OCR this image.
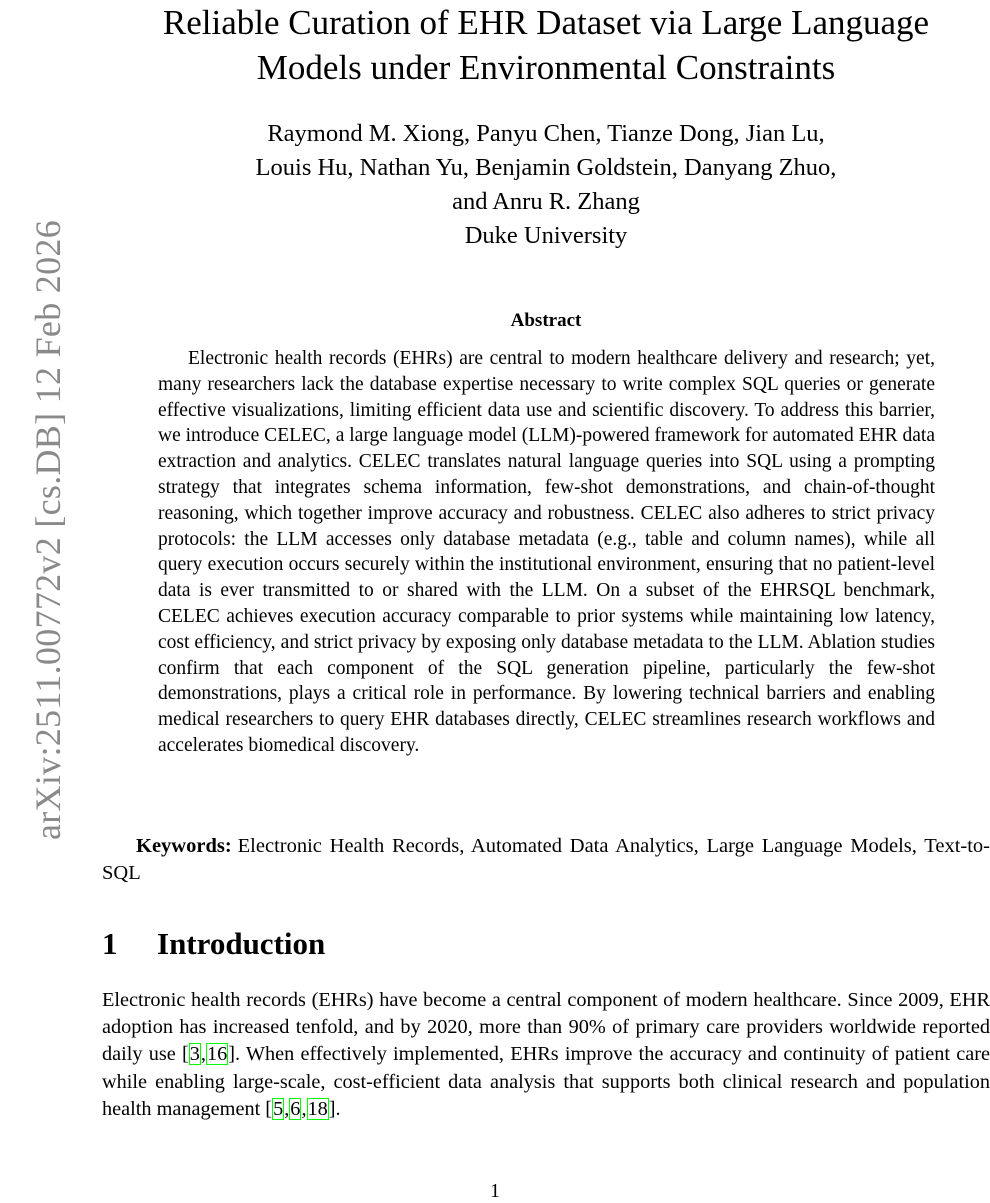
arXiv:2511.00772v2 [cs.DB] 12 Feb 2026
Reliable Curation of EHR Dataset via Large Language
Models under Environmental Constraints
Raymond M. Xiong, Panyu Chen, Tianze Dong, Jian Lu,
Louis Hu, Nathan Yu, Benjamin Goldstein, Danyang Zhuo,
and Anru R. Zhang
Duke University
Abstract

Electronic health records (EHRs) are central to modern healthcare delivery and research; yet, many researchers lack the database expertise necessary to write complex SQL queries or generate effective visualizations, limiting efficient data use and scientific discovery. To address this barrier, we introduce CELEC, a large language model (LLM)-powered framework for automated EHR data extraction and analytics. CELEC translates natural language queries into SQL using a prompting strategy that integrates schema information, few-shot demonstrations, and chain-of-thought reasoning, which together improve accuracy and robustness. CELEC also adheres to strict privacy protocols: the LLM accesses only database metadata (e.g., table and column names), while all query execution occurs securely within the institutional environment, ensuring that no patient-level data is ever transmitted to or shared with the LLM. On a subset of the EHRSQL benchmark, CELEC achieves execution accuracy comparable to prior systems while maintaining low latency, cost efficiency, and strict privacy by exposing only database metadata to the LLM. Ablation studies confirm that each component of the SQL generation pipeline, particularly the few-shot demonstrations, plays a critical role in performance. By lowering technical barriers and enabling medical researchers to query EHR databases directly, CELEC streamlines research workflows and accelerates biomedical discovery.

Keywords: Electronic Health Records, Automated Data Analytics, Large Language Models, Text-to-SQL

1 Introduction

Electronic health records (EHRs) have become a central component of modern healthcare. Since 2009, EHR adoption has increased tenfold, and by 2020, more than 90% of primary care providers worldwide reported daily use [3,16]. When effectively implemented, EHRs improve the accuracy and continuity of patient care while enabling large-scale, cost-efficient data analysis that supports both clinical research and population health management [5,6,18].

1
